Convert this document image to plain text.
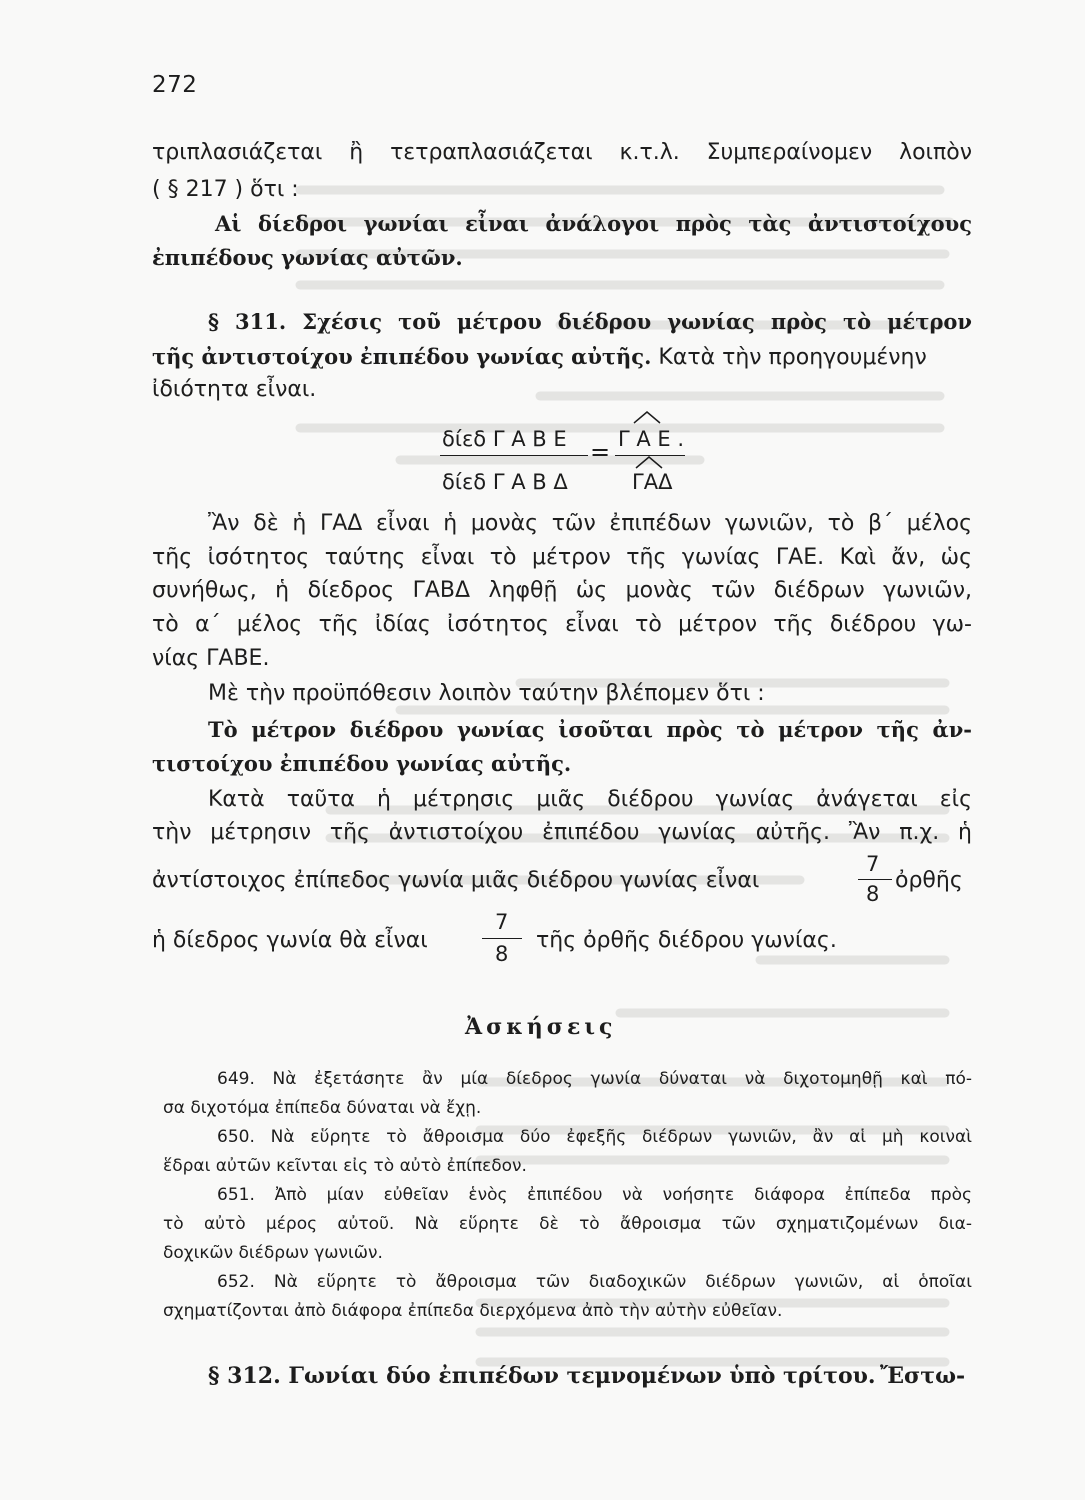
272
τριπλασιάζεται ἢ τετραπλασιάζεται κ.τ.λ. Συμπεραίνομεν λοιπὸν
( § 217 ) ὅτι :
Αἱ δίεδροι γωνίαι εἶναι ἀνάλογοι πρὸς τὰς ἀντιστοίχους
ἐπιπέδους γωνίας αὐτῶν.
§ 311. Σχέσις τοῦ μέτρου διέδρου γωνίας πρὸς τὸ μέτρον
τῆς ἀντιστοίχου ἐπιπέδου γωνίας αὐτῆς. Κατὰ τὴν προηγουμένην
ἰδιότητα εἶναι.
δίεδ Γ Α Β Ε
δίεδ Γ Α Β Δ
= Γ Α Ε .
ΓΑΔ
Ἂν δὲ ἡ ΓΑΔ εἶναι ἡ μονὰς τῶν ἐπιπέδων γωνιῶν, τὸ β΄ μέλος
τῆς ἰσότητος ταύτης εἶναι τὸ μέτρον τῆς γωνίας ΓΑΕ. Καὶ ἄν, ὡς
συνήθως, ἡ δίεδρος ΓΑΒΔ ληφθῇ ὡς μονὰς τῶν διέδρων γωνιῶν,
τὸ α΄ μέλος τῆς ἰδίας ἰσότητος εἶναι τὸ μέτρον τῆς διέδρου γω-
νίας ΓΑΒΕ.
Μὲ τὴν προϋπόθεσιν λοιπὸν ταύτην βλέπομεν ὅτι :
Τὸ μέτρον διέδρου γωνίας ἰσοῦται πρὸς τὸ μέτρον τῆς ἀν-
τιστοίχου ἐπιπέδου γωνίας αὐτῆς.
Κατὰ ταῦτα ἡ μέτρησις μιᾶς διέδρου γωνίας ἀνάγεται εἰς
τὴν μέτρησιν τῆς ἀντιστοίχου ἐπιπέδου γωνίας αὐτῆς. Ἂν π.χ. ἡ
ἀντίστοιχος ἐπίπεδος γωνία μιᾶς διέδρου γωνίας εἶναι
7
8
ὀρθῆς
ἡ δίεδρος γωνία θὰ εἶναι
7
8
τῆς ὀρθῆς διέδρου γωνίας.
Ἀσκήσεις
649. Νὰ ἐξετάσητε ἂν μία δίεδρος γωνία δύναται νὰ διχοτομηθῇ καὶ πό-
σα διχοτόμα ἐπίπεδα δύναται νὰ ἔχῃ.
650. Νὰ εὕρητε τὸ ἄθροισμα δύο ἐφεξῆς διέδρων γωνιῶν, ἂν αἱ μὴ κοιναὶ
ἕδραι αὐτῶν κεῖνται εἰς τὸ αὐτὸ ἐπίπεδον.
651. Ἀπὸ μίαν εὐθεῖαν ἑνὸς ἐπιπέδου νὰ νοήσητε διάφορα ἐπίπεδα πρὸς
τὸ αὐτὸ μέρος αὐτοῦ. Νὰ εὕρητε δὲ τὸ ἄθροισμα τῶν σχηματιζομένων δια-
δοχικῶν διέδρων γωνιῶν.
652. Νὰ εὕρητε τὸ ἄθροισμα τῶν διαδοχικῶν διέδρων γωνιῶν, αἱ ὁποῖαι
σχηματίζονται ἀπὸ διάφορα ἐπίπεδα διερχόμενα ἀπὸ τὴν αὐτὴν εὐθεῖαν.
§ 312. Γωνίαι δύο ἐπιπέδων τεμνομένων ὑπὸ τρίτου. Ἔστω-
